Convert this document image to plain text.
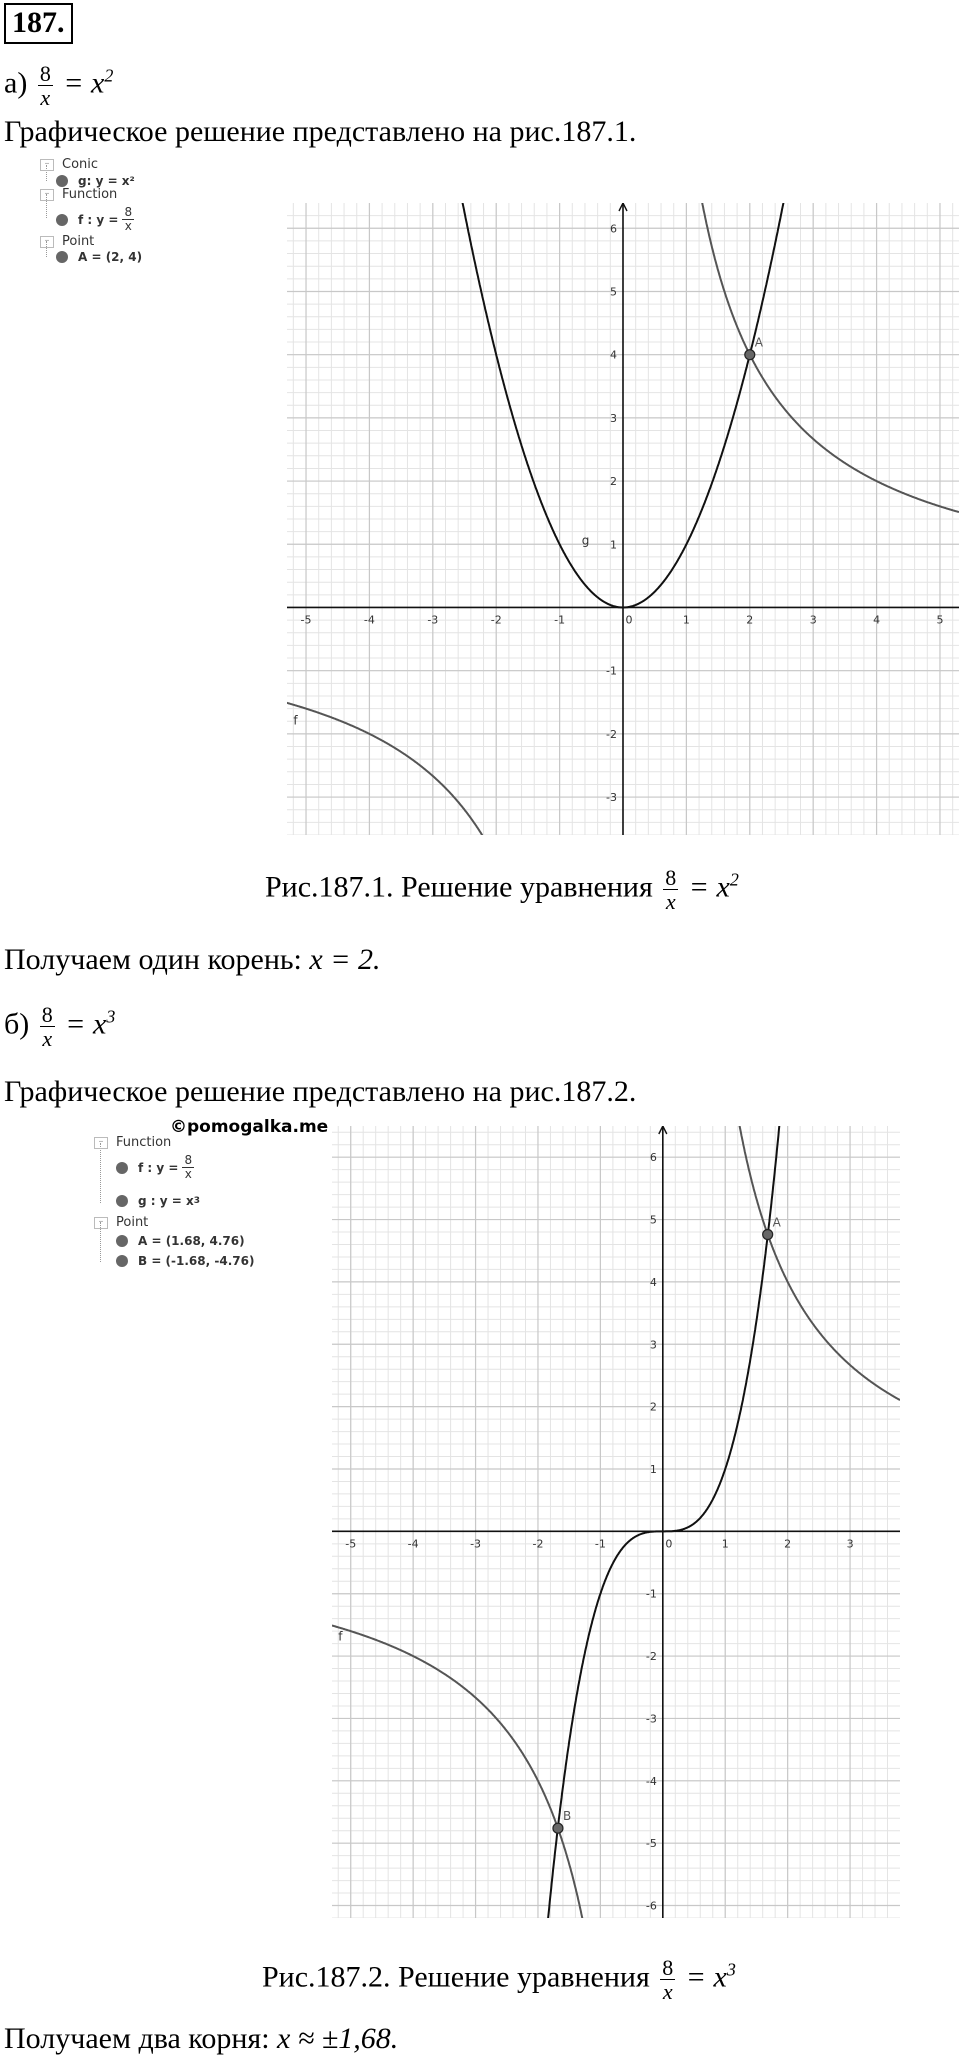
187.
$а) \frac{8}{x} = x^2$
Графическое решение представлено на рис.187.1.
– Conic
g: y = x²
– Function
f : $y = \frac{8}{x}$
– Point
A = (2, 4)
-5	-4	-3	-2	-1	0	1	2	3	4	5
-3
-2
-1
1
2
3
4
5
6
g
f
A
Рис.187.1. Решение уравнения $\frac{8}{x} = x^2$
Получаем один корень: x = 2.
$б) \frac{8}{x} = x^3$
Графическое решение представлено на рис.187.2.
©pomogalka.me
– Function
f : $y = \frac{8}{x}$
g : y = x 3
– Point
A = (1.68, 4.76)
B = (-1.68, -4.76)
-5	-4	-3	-2	-1	0	1	2	3
-6
-5
-4
-3
-2
-1
1
2
3
4
5
6
f
A
B
Рис.187.2. Решение уравнения $\frac{8}{x} = x^3$
Получаем два корня: x ≈ ±1,68.
